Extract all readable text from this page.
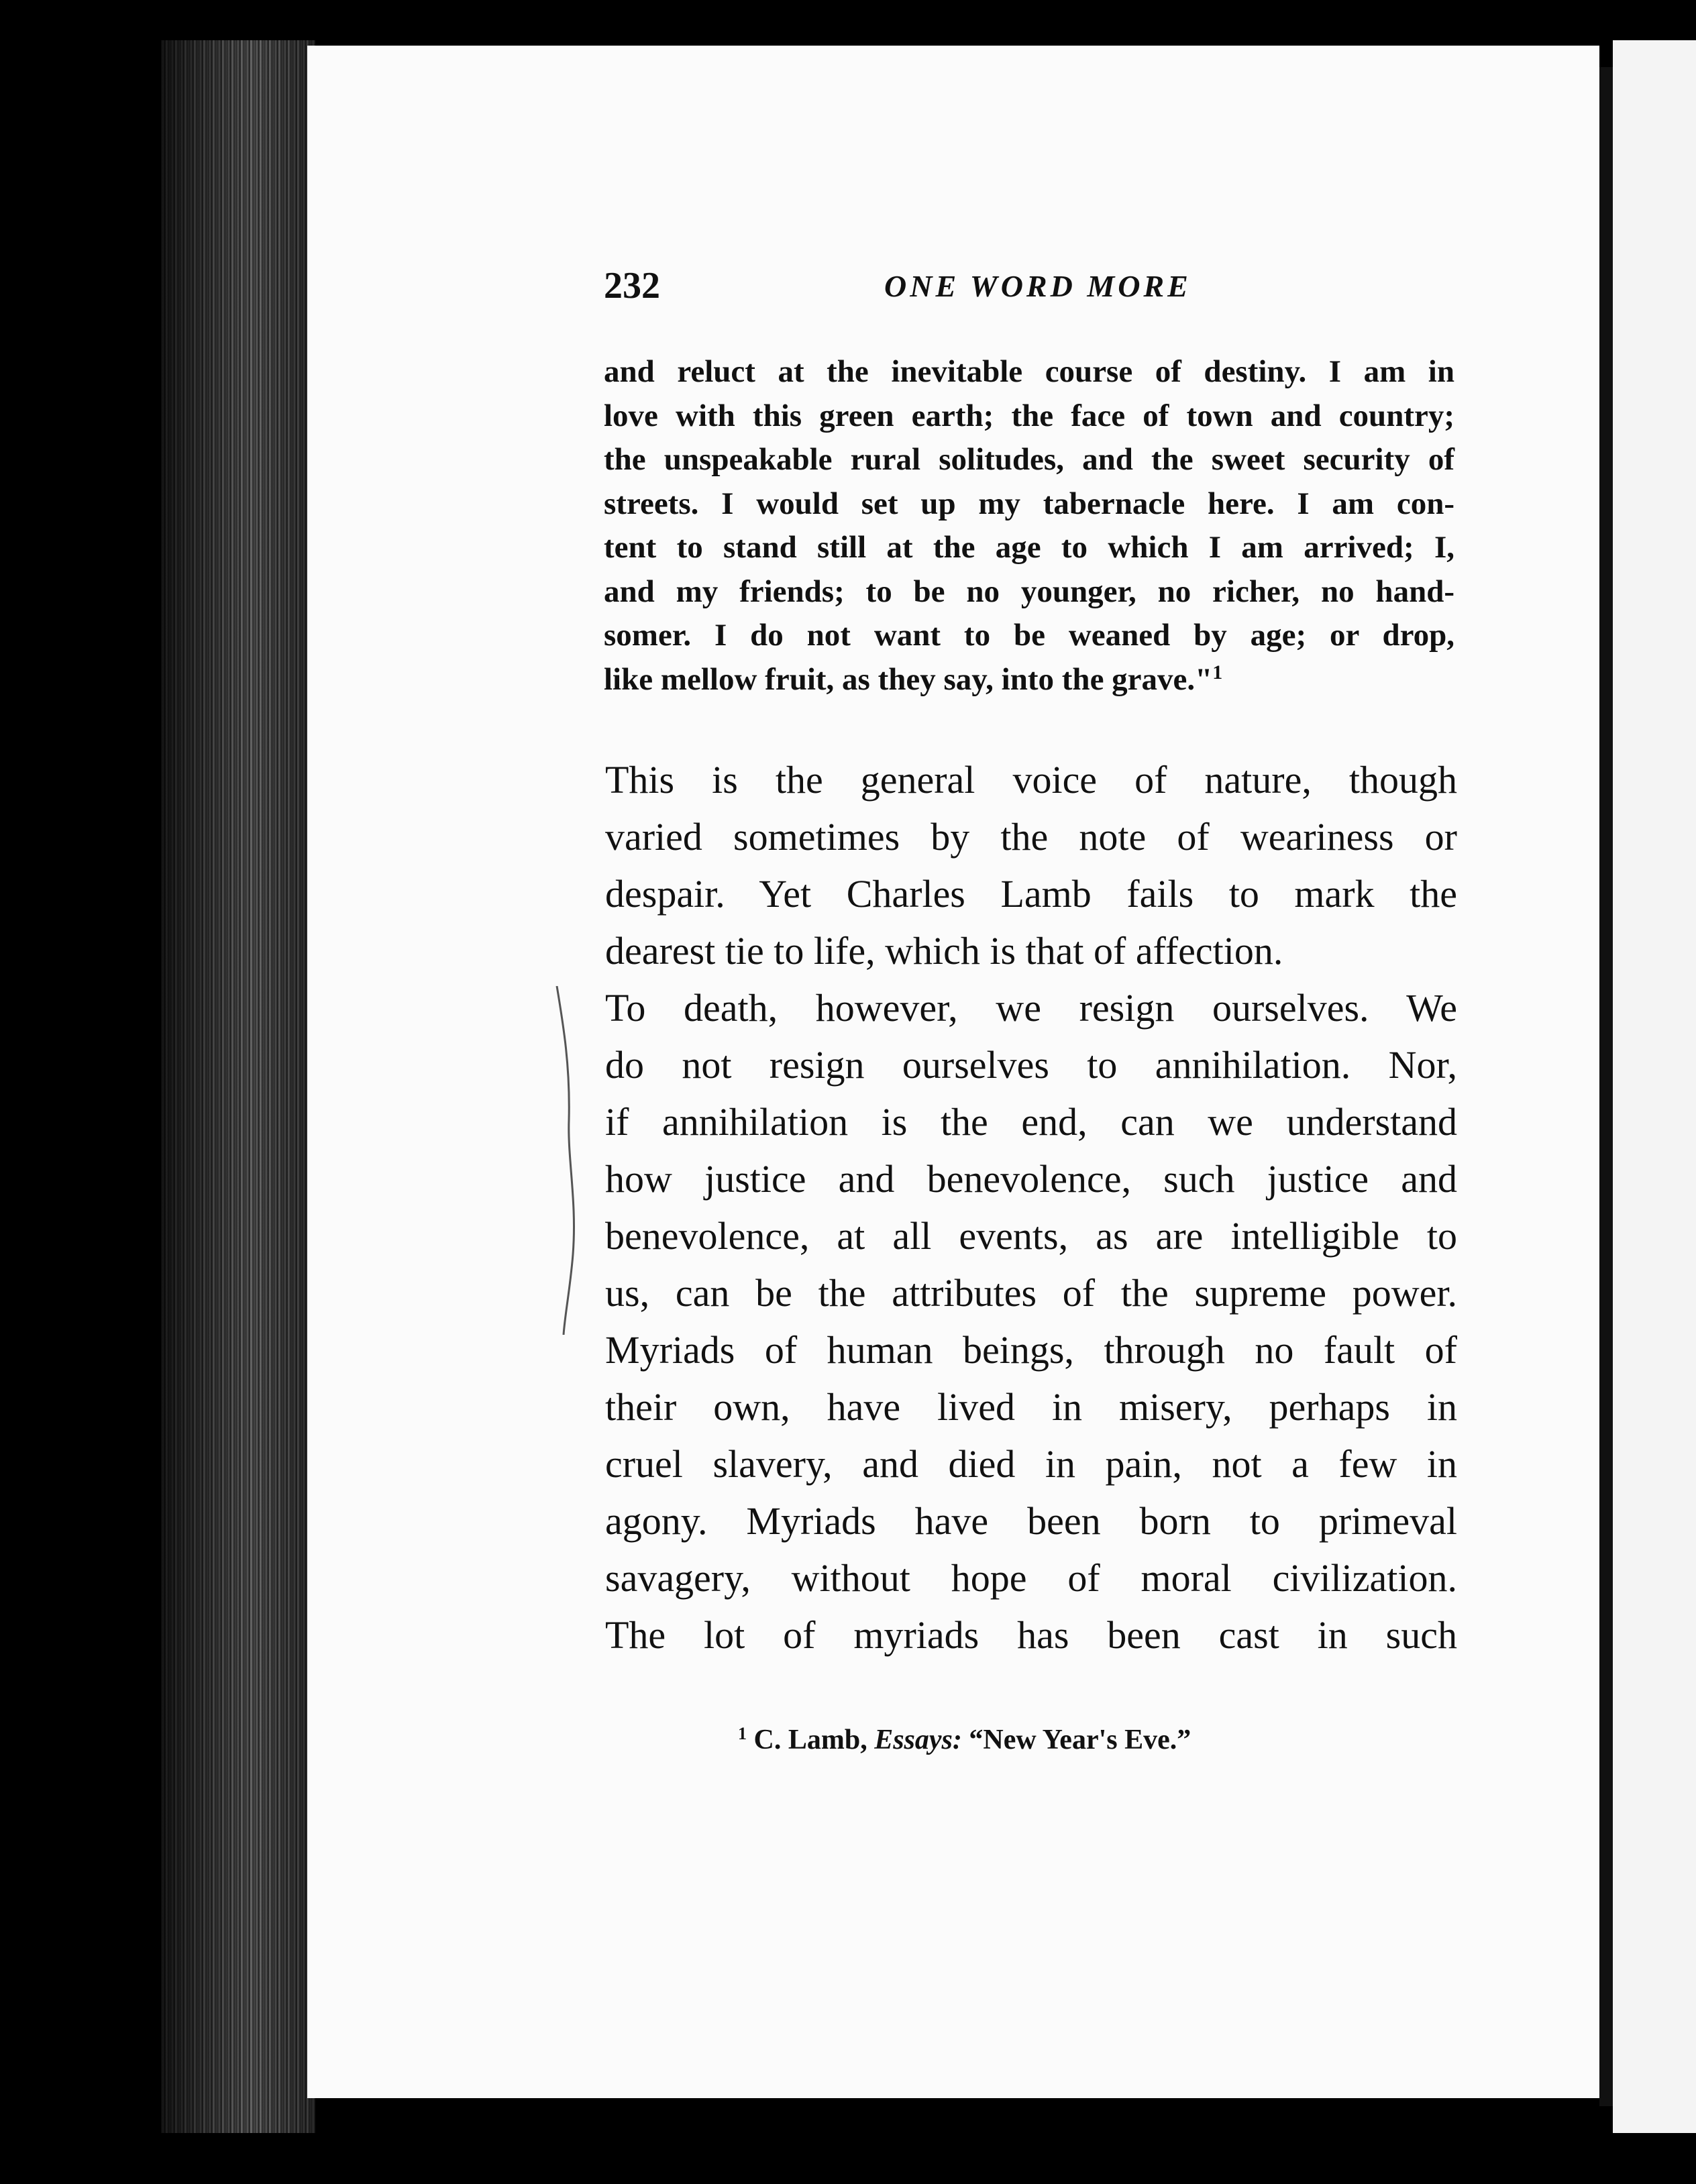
232	ONE WORD MORE
and reluct at the inevitable course of destiny. I am in
love with this green earth; the face of town and country;
the unspeakable rural solitudes, and the sweet security of
streets. I would set up my tabernacle here. I am con-
tent to stand still at the age to which I am arrived; I,
and my friends; to be no younger, no richer, no hand-
somer. I do not want to be weaned by age; or drop,
like mellow fruit, as they say, into the grave."$^1$
This is the general voice of nature, though
varied sometimes by the note of weariness or
despair. Yet Charles Lamb fails to mark the
dearest tie to life, which is that of affection.
To death, however, we resign ourselves. We
do not resign ourselves to annihilation. Nor,
if annihilation is the end, can we understand
how justice and benevolence, such justice and
benevolence, at all events, as are intelligible to
us, can be the attributes of the supreme power.
Myriads of human beings, through no fault of
their own, have lived in misery, perhaps in
cruel slavery, and died in pain, not a few in
agony. Myriads have been born to primeval
savagery, without hope of moral civilization.
The lot of myriads has been cast in such
$^1$ C. Lamb, Essays: “New Year's Eve.”
